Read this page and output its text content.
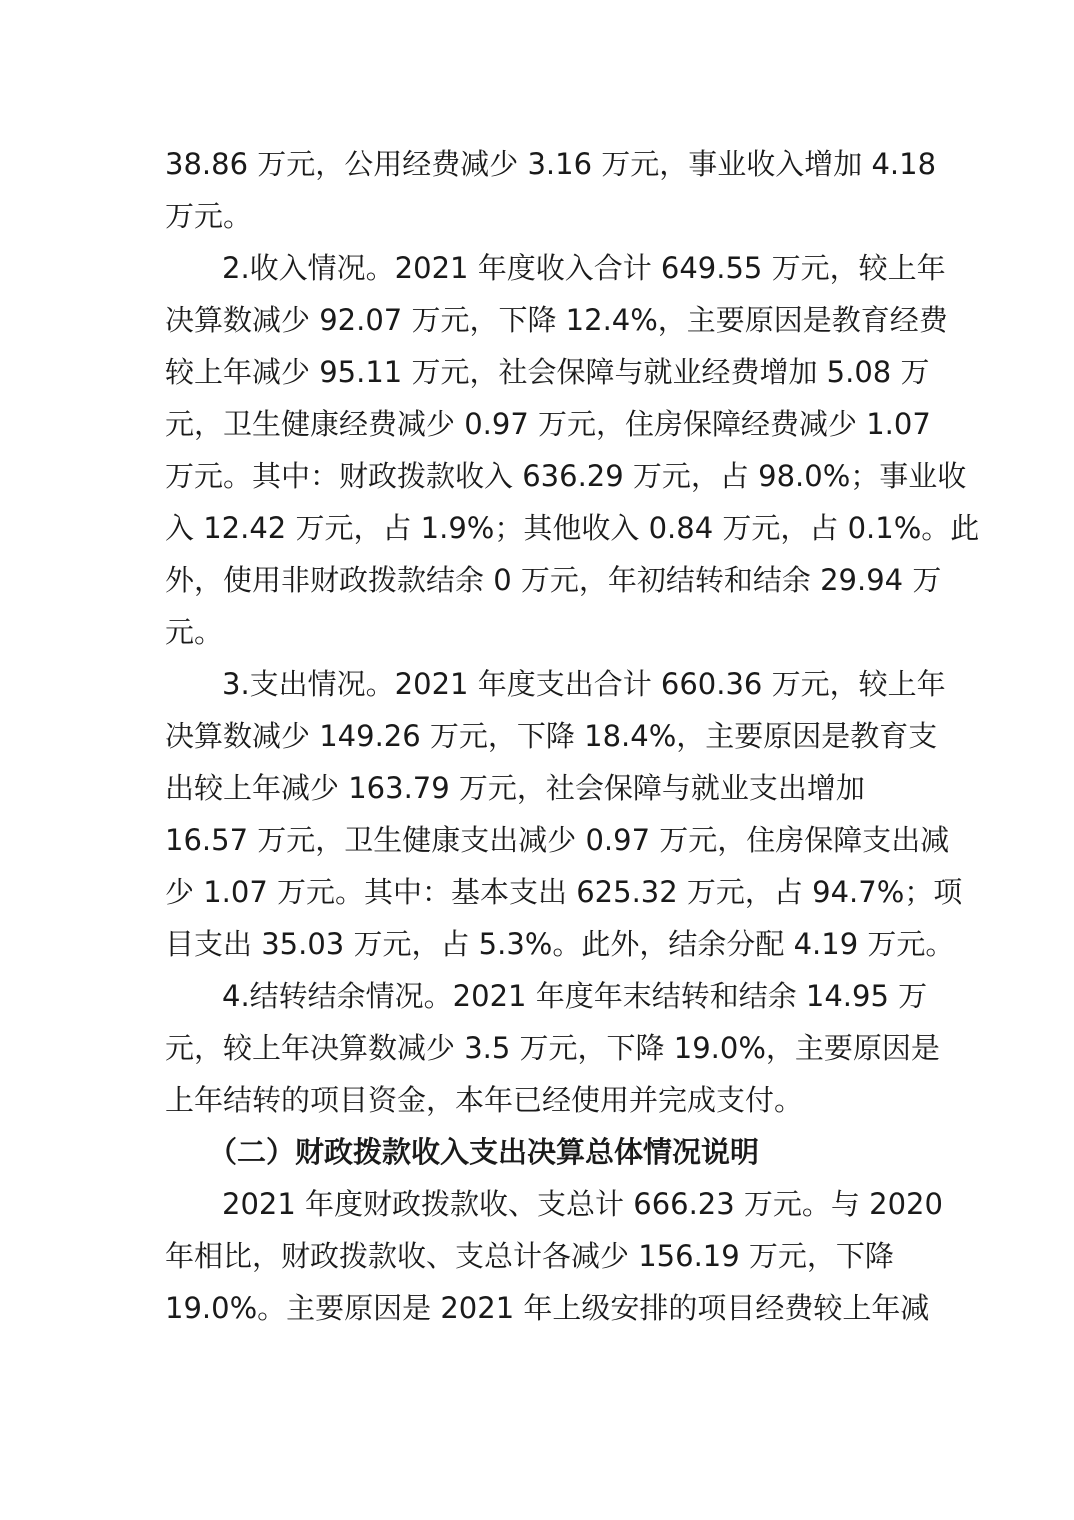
38.86 万元，公用经费减少 3.16 万元，事业收入增加 4.18
万元。
2.收入情况。2021 年度收入合计 649.55 万元，较上年
决算数减少 92.07 万元，下降 12.4%，主要原因是教育经费
较上年减少 95.11 万元，社会保障与就业经费增加 5.08 万
元，卫生健康经费减少 0.97 万元，住房保障经费减少 1.07
万元。其中：财政拨款收入 636.29 万元，占 98.0%；事业收
入 12.42 万元，占 1.9%；其他收入 0.84 万元，占 0.1%。此
外，使用非财政拨款结余 0 万元，年初结转和结余 29.94 万
元。
3.支出情况。2021 年度支出合计 660.36 万元，较上年
决算数减少 149.26 万元，下降 18.4%，主要原因是教育支
出较上年减少 163.79 万元，社会保障与就业支出增加
16.57 万元，卫生健康支出减少 0.97 万元，住房保障支出减
少 1.07 万元。其中：基本支出 625.32 万元，占 94.7%；项
目支出 35.03 万元，占 5.3%。此外，结余分配 4.19 万元。
4.结转结余情况。2021 年度年末结转和结余 14.95 万
元，较上年决算数减少 3.5 万元，下降 19.0%，主要原因是
上年结转的项目资金，本年已经使用并完成支付。
（二）财政拨款收入支出决算总体情况说明
2021 年度财政拨款收、支总计 666.23 万元。与 2020
年相比，财政拨款收、支总计各减少 156.19 万元，下降
19.0%。主要原因是 2021 年上级安排的项目经费较上年减
